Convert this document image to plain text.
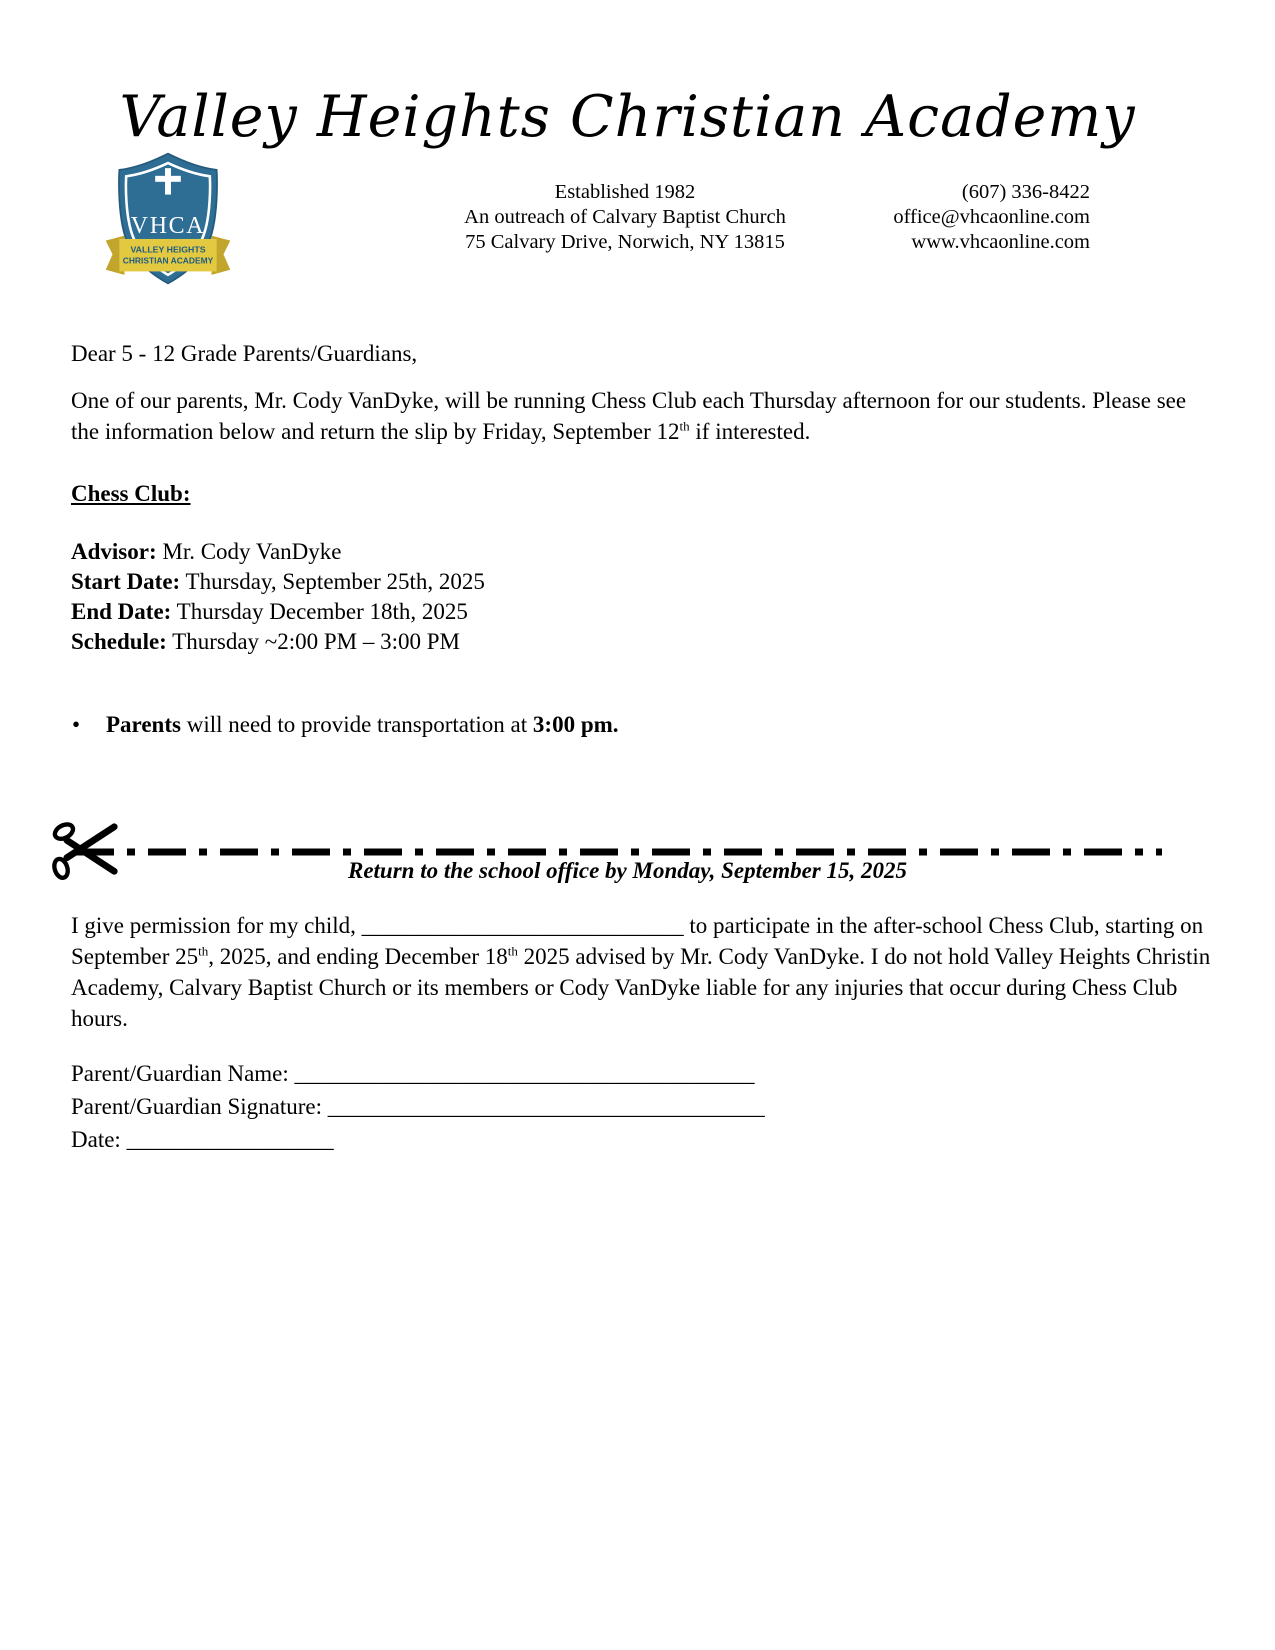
Valley Heights Christian Academy
VHCA
VALLEY HEIGHTS
CHRISTIAN ACADEMY
Established 1982
An outreach of Calvary Baptist Church
75 Calvary Drive, Norwich, NY 13815
(607) 336-8422
office@vhcaonline.com
www.vhcaonline.com

Dear 5 - 12 Grade Parents/Guardians,

One of our parents, Mr. Cody VanDyke, will be running Chess Club each Thursday afternoon for our students. Please see the information below and return the slip by Friday, September 12th if interested.

Chess Club:

Advisor: Mr. Cody VanDyke

Start Date: Thursday, September 25th, 2025

End Date: Thursday December 18th, 2025

Schedule: Thursday ~2:00 PM – 3:00 PM

•	Parents will need to provide transportation at 3:00 pm.

Return to the school office by Monday, September 15, 2025

I give permission for my child, ____________________________ to participate in the after-school Chess Club, starting on September 25th, 2025, and ending December 18th 2025 advised by Mr. Cody VanDyke. I do not hold Valley Heights Christin Academy, Calvary Baptist Church or its members or Cody VanDyke liable for any injuries that occur during Chess Club hours.

Parent/Guardian Name: ________________________________________

Parent/Guardian Signature: ______________________________________

Date: __________________
